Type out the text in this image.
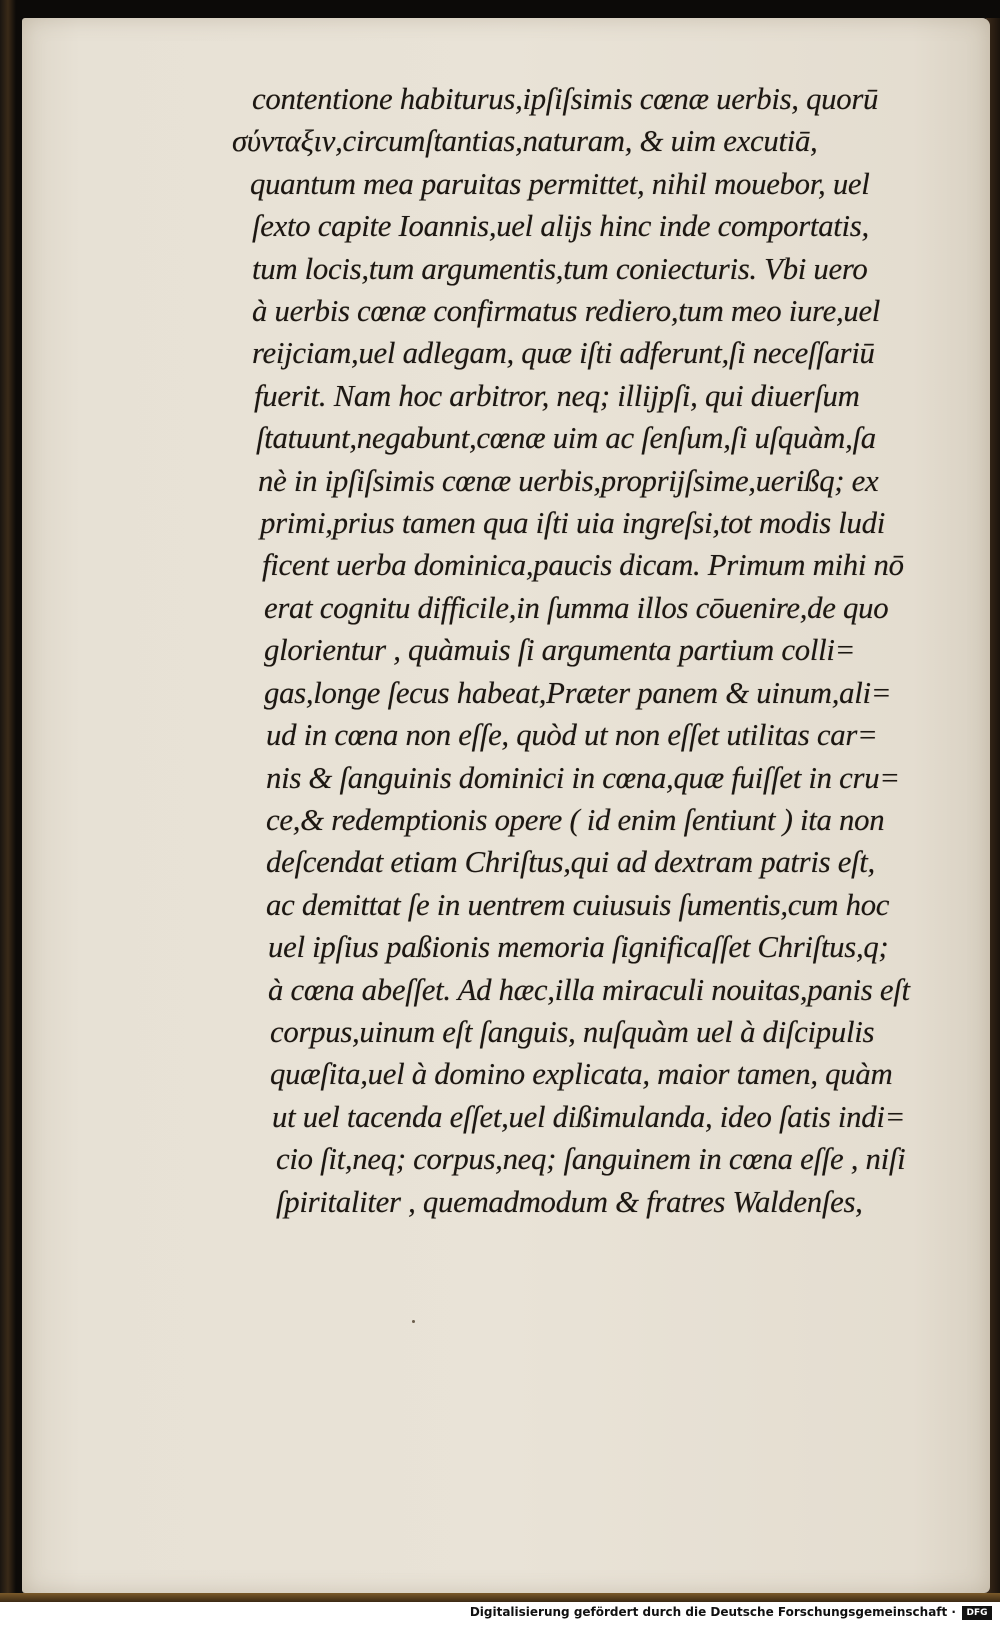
contentione habiturus,ipſiſsimis cœnæ uerbis, quorū
σύνταξιν,circumſtantias,naturam, & uim excutiā,
quantum mea paruitas permittet, nihil mouebor, uel
ſexto capite Ioannis,uel alijs hinc inde comportatis,
tum locis,tum argumentis,tum coniecturis. Vbi uero
à uerbis cœnæ confirmatus rediero,tum meo iure,uel
reijciam,uel adlegam, quæ iſti adferunt,ſi neceſſariū
fuerit. Nam hoc arbitror, neq; illijpſi, qui diuerſum
ſtatuunt,negabunt,cœnæ uim ac ſenſum,ſi uſquàm,ſa
nè in ipſiſsimis cœnæ uerbis,proprijſsime,uerißq; ex
primi,prius tamen qua iſti uia ingreſsi,tot modis ludi
ficent uerba dominica,paucis dicam. Primum mihi nō
erat cognitu difficile,in ſumma illos cōuenire,de quo
glorientur , quàmuis ſi argumenta partium colli=
gas,longe ſecus habeat,Præter panem & uinum,ali=
ud in cœna non eſſe, quòd ut non eſſet utilitas car=
nis & ſanguinis dominici in cœna,quæ fuiſſet in cru=
ce,& redemptionis opere ( id enim ſentiunt ) ita non
deſcendat etiam Chriſtus,qui ad dextram patris eſt,
ac demittat ſe in uentrem cuiusuis ſumentis,cum hoc
uel ipſius paßionis memoria ſignificaſſet Chriſtus,q;
à cœna abeſſet. Ad hæc,illa miraculi nouitas,panis eſt
corpus,uinum eſt ſanguis, nuſquàm uel à diſcipulis
quæſita,uel à domino explicata, maior tamen, quàm
ut uel tacenda eſſet,uel dißimulanda, ideo ſatis indi=
cio ſit,neq; corpus,neq; ſanguinem in cœna eſſe , niſi
ſpiritaliter , quemadmodum & fratres Waldenſes,
Digitalisierung gefördert durch die Deutsche Forschungsgemeinschaft ·	DFG
